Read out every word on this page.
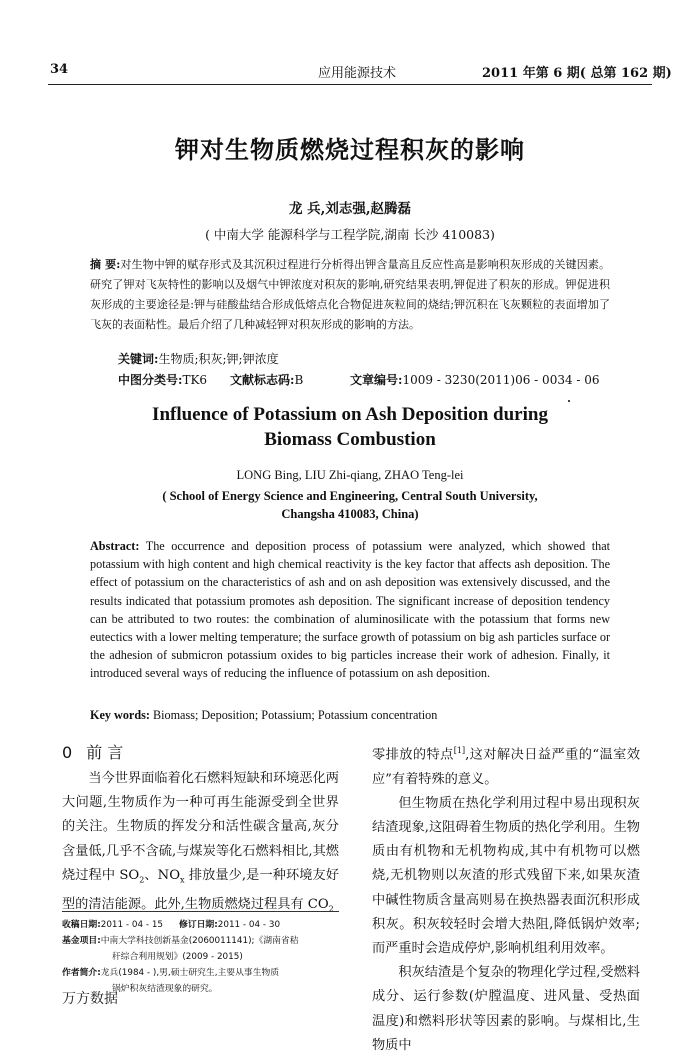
34	应用能源技术	2011 年第 6 期( 总第 162 期)
钾对生物质燃烧过程积灰的影响
龙 兵,刘志强,赵腾磊
( 中南大学 能源科学与工程学院,湖南 长沙 410083)
摘 要:对生物中钾的赋存形式及其沉积过程进行分析得出钾含量高且反应性高是影响积灰形成的关键因素。研究了钾对飞灰特性的影响以及烟气中钾浓度对积灰的影响,研究结果表明,钾促进了积灰的形成。钾促进积灰形成的主要途径是:钾与硅酸盐结合形成低熔点化合物促进灰粒间的烧结;钾沉积在飞灰颗粒的表面增加了飞灰的表面粘性。最后介绍了几种减轻钾对积灰形成的影响的方法。
关键词:生物质;积灰;钾;钾浓度
中图分类号:TK6 文献标志码:B	文章编号:1009 - 3230(2011)06 - 0034 - 06
Influence of Potassium on Ash Deposition during
Biomass Combustion
LONG Bing, LIU Zhi-qiang, ZHAO Teng-lei
( School of Energy Science and Engineering, Central South University,
Changsha 410083, China)
Abstract: The occurrence and deposition process of potassium were analyzed, which showed that potassium with high content and high chemical reactivity is the key factor that affects ash deposition. The effect of potassium on the characteristics of ash and on ash deposition was extensively discussed, and the results indicated that potassium promotes ash deposition. The significant increase of deposition tendency can be attributed to two routes: the combination of aluminosilicate with the potassium that forms new eutectics with a lower melting temperature; the surface growth of potassium on big ash particles surface or the adhesion of submicron potassium oxides to big particles increase their work of adhesion. Finally, it introduced several ways of reducing the influence of potassium on ash deposition.
Key words: Biomass; Deposition; Potassium; Potassium concentration
0 前 言

当今世界面临着化石燃料短缺和环境恶化两大问题,生物质作为一种可再生能源受到全世界的关注。生物质的挥发分和活性碳含量高,灰分含量低,几乎不含硫,与煤炭等化石燃料相比,其燃烧过程中 $SO_2$、$NO_x$ 排放量少,是一种环境友好型的清洁能源。此外,生物质燃烧过程具有 $CO_2$

收稿日期:2011 - 04 - 15 修订日期:2011 - 04 - 30
基金项目:中南大学科技创新基金(2060011141);《湖南省秸
秆综合利用规划》(2009 - 2015)
作者简介:龙兵(1984 - ),男,硕士研究生,主要从事生物质
锅炉积灰结渣现象的研究。

零排放的特点[1],这对解决日益严重的“温室效应”有着特殊的意义。

但生物质在热化学利用过程中易出现积灰结渣现象,这阻碍着生物质的热化学利用。生物质由有机物和无机物构成,其中有机物可以燃烧,无机物则以灰渣的形式残留下来,如果灰渣中碱性物质含量高则易在换热器表面沉积形成积灰。积灰较轻时会增大热阻,降低锅炉效率;而严重时会造成停炉,影响机组利用效率。

积灰结渣是个复杂的物理化学过程,受燃料成分、运行参数(炉膛温度、进风量、受热面温度)和燃料形状等因素的影响。与煤相比,生物质中

万方数据
